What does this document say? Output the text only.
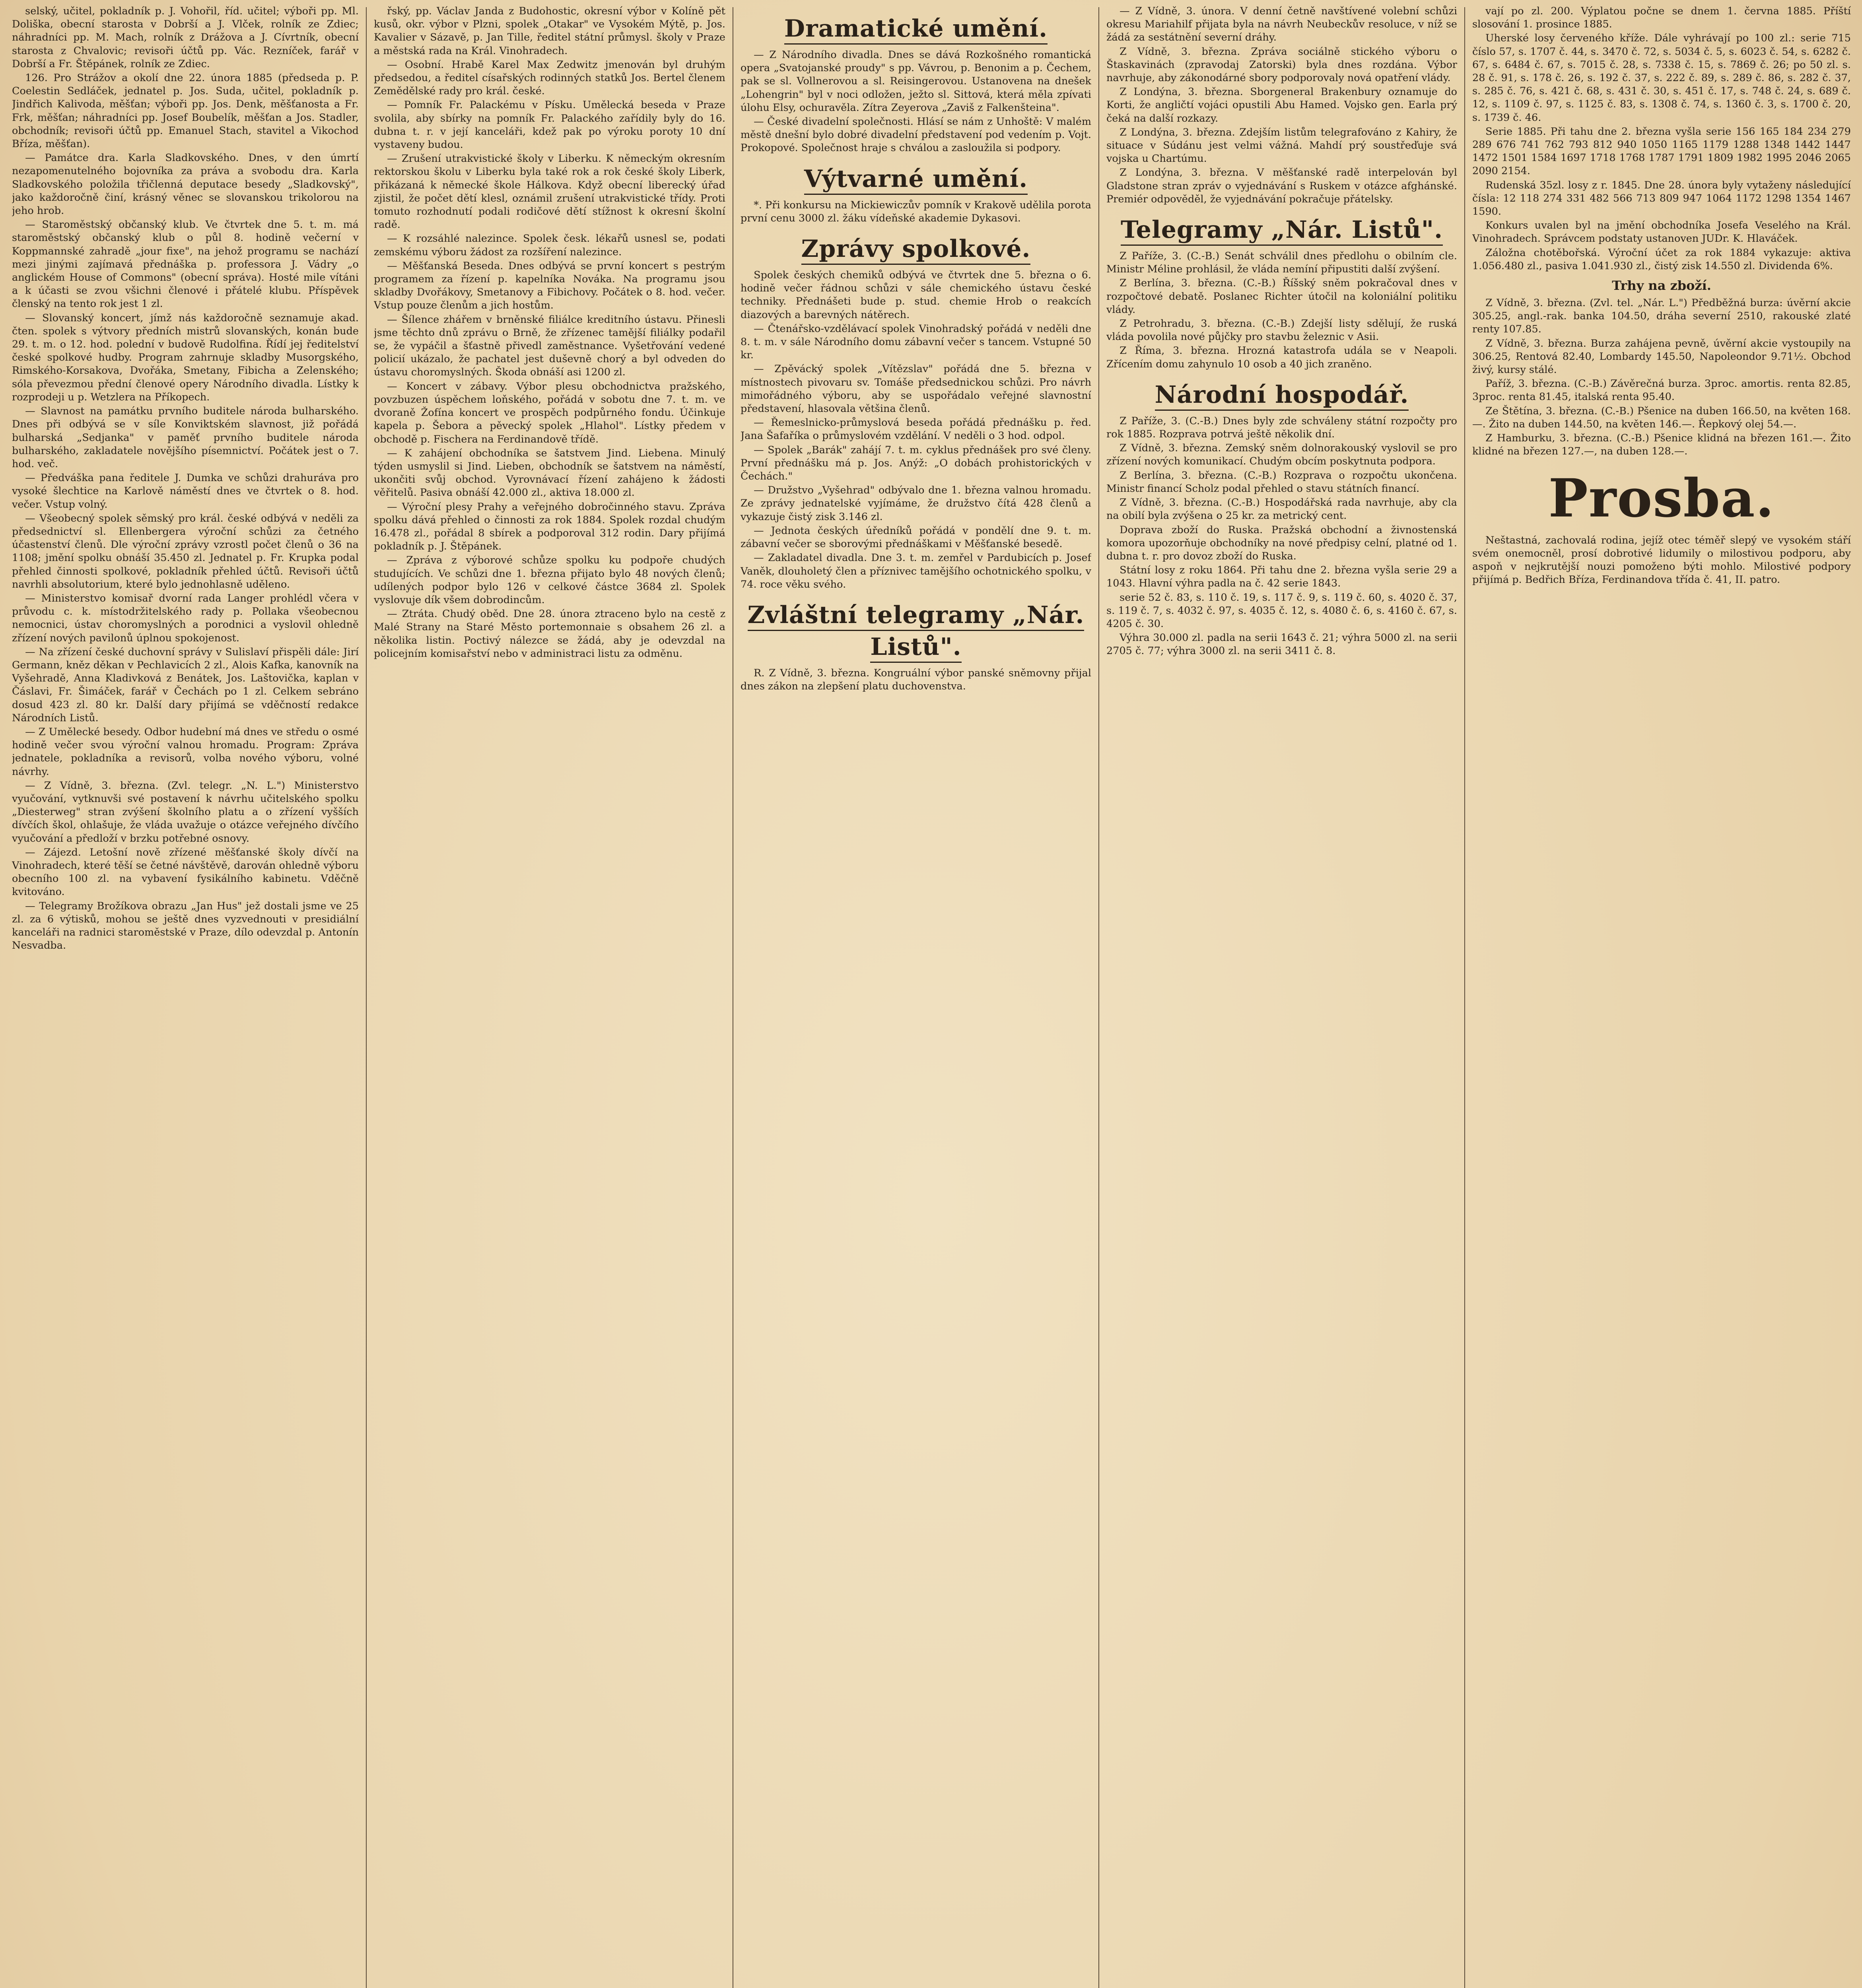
selský, učitel, pokladník p. J. Vohořil, říd. učitel; výboři pp. Ml. Doliška, obecní starosta v Dobrší a J. Vlček, rolník ze Zdiec; náhradníci pp. M. Mach, rolník z Drážova a J. Cívrtník, obecní starosta z Chvalovic; revisoři účtů pp. Vác. Rezníček, farář v Dobrší a Fr. Štěpánek, rolník ze Zdiec.

126. Pro Strážov a okolí dne 22. února 1885 (předseda p. P. Coelestin Sedláček, jednatel p. Jos. Suda, učitel, pokladník p. Jindřich Kalivoda, měšťan; výboři pp. Jos. Denk, měšťanosta a Fr. Frk, měšťan; náhradníci pp. Josef Boubelík, měšťan a Jos. Stadler, obchodník; revisoři účtů pp. Emanuel Stach, stavitel a Vikochod Bříza, měšťan).

— Památce dra. Karla Sladkovského. Dnes, v den úmrtí nezapomenutelného bojovníka za práva a svobodu dra. Karla Sladkovského položila třičlenná deputace besedy „Sladkovský", jako každoročně činí, krásný věnec se slovanskou trikolorou na jeho hrob.

— Staroměstský občanský klub. Ve čtvrtek dne 5. t. m. má staroměstský občanský klub o půl 8. hodině večerní v Koppmannské zahradě „jour fixe", na jehož programu se nachází mezi jinými zajímavá přednáška p. professora J. Vádry „o anglickém House of Commons" (obecní správa). Hosté mile vítáni a k účasti se zvou všichni členové i přátelé klubu. Příspěvek členský na tento rok jest 1 zl.

— Slovanský koncert, jímž nás každoročně seznamuje akad. čten. spolek s výtvory předních mistrů slovanských, konán bude 29. t. m. o 12. hod. polední v budově Rudolfina. Řídí jej ředitelství české spolkové hudby. Program zahrnuje skladby Musorgského, Rimského-Korsakova, Dvořáka, Smetany, Fibicha a Zelenského; sóla převezmou přední členové opery Národního divadla. Lístky k rozprodeji u p. Wetzlera na Příkopech.

— Slavnost na památku prvního buditele národa bulharského. Dnes při odbývá se v síle Konviktském slavnost, již pořádá bulharská „Sedjanka" v paměť prvního buditele národa bulharského, zakladatele novějšího písemnictví. Počátek jest o 7. hod. več.

— Předváška pana ředitele J. Dumka ve schůzi drahuráva pro vysoké šlechtice na Karlově náměstí dnes ve čtvrtek o 8. hod. večer. Vstup volný.

— Všeobecný spolek sěmský pro král. české odbývá v neděli za předsednictví sl. Ellenbergera výroční schůzi za četného účastenství členů. Dle výroční zprávy vzrostl počet členů o 36 na 1108; jmění spolku obnáší 35.450 zl. Jednatel p. Fr. Krupka podal přehled činnosti spolkové, pokladník přehled účtů. Revisoři účtů navrhli absolutorium, které bylo jednohlasně uděleno.

— Ministerstvo komisař dvorní rada Langer prohlédl včera v průvodu c. k. místodržitelského rady p. Pollaka všeobecnou nemocnici, ústav choromyslných a porodnici a vyslovil ohledně zřízení nových pavilonů úplnou spokojenost.

— Na zřízení české duchovní správy v Sulislaví přispěli dále: Jirí Germann, kněz děkan v Pechlavicích 2 zl., Alois Kafka, kanovník na Vyšehradě, Anna Kladivková z Benátek, Jos. Laštovička, kaplan v Čáslavi, Fr. Šimáček, farář v Čechách po 1 zl. Celkem sebráno dosud 423 zl. 80 kr. Další dary přijímá se vděčností redakce Národních Listů.

— Z Umělecké besedy. Odbor hudební má dnes ve středu o osmé hodině večer svou výroční valnou hromadu. Program: Zpráva jednatele, pokladníka a revisorů, volba nového výboru, volné návrhy.

— Z Vídně, 3. března. (Zvl. telegr. „N. L.") Ministerstvo vyučování, vytknuvši své postavení k návrhu učitelského spolku „Diesterweg" stran zvýšení školního platu a o zřízení vyšších dívčích škol, ohlašuje, že vláda uvažuje o otázce veřejného dívčího vyučování a předloží v brzku potřebné osnovy.

— Zájezd. Letošní nově zřízené měšťanské školy dívčí na Vinohradech, které těší se četné návštěvě, darován ohledně výboru obecního 100 zl. na vybavení fysikálního kabinetu. Vděčně kvitováno.

— Telegramy Brožíkova obrazu „Jan Hus" jež dostali jsme ve 25 zl. za 6 výtisků, mohou se ještě dnes vyzvednouti v presidiální kanceláři na radnici staroměstské v Praze, dílo odevzdal p. Antonín Nesvadba.

řský, pp. Václav Janda z Budohostic, okresní výbor v Kolíně pět kusů, okr. výbor v Plzni, spolek „Otakar" ve Vysokém Mýtě, p. Jos. Kavalier v Sázavě, p. Jan Tille, ředitel státní průmysl. školy v Praze a městská rada na Král. Vinohradech.

— Osobní. Hrabě Karel Max Zedwitz jmenován byl druhým předsedou, a ředitel císařských rodinných statků Jos. Bertel členem Zemědělské rady pro král. české.

— Pomník Fr. Palackému v Písku. Umělecká beseda v Praze svolila, aby sbírky na pomník Fr. Palackého zařídily byly do 16. dubna t. r. v její kanceláři, kdež pak po výroku poroty 10 dní vystaveny budou.

— Zrušení utrakvistické školy v Liberku. K německým okresním rektorskou školu v Liberku byla také rok a rok české školy Liberk, přikázaná k německé škole Hálkova. Když obecní liberecký úřad zjistil, že počet dětí klesl, oznámil zrušení utrakvistické třídy. Proti tomuto rozhodnutí podali rodičové dětí stížnost k okresní školní radě.

— K rozsáhlé nalezince. Spolek česk. lékařů usnesl se, podati zemskému výboru žádost za rozšíření nalezince.

— Měšťanská Beseda. Dnes odbývá se první koncert s pestrým programem za řízení p. kapelníka Nováka. Na programu jsou skladby Dvořákovy, Smetanovy a Fibichovy. Počátek o 8. hod. večer. Vstup pouze členům a jich hostům.

— Šílence zhářem v brněnské filiálce kreditního ústavu. Přinesli jsme těchto dnů zprávu o Brně, že zřízenec tamější filiálky podařil se, že vypáčil a šťastně přivedl zaměstnance. Vyšetřování vedené policií ukázalo, že pachatel jest duševně chorý a byl odveden do ústavu choromyslných. Škoda obnáší asi 1200 zl.

— Koncert v zábavy. Výbor plesu obchodnictva pražského, povzbuzen úspěchem loňského, pořádá v sobotu dne 7. t. m. ve dvoraně Žofína koncert ve prospěch podpůrného fondu. Účinkuje kapela p. Šebora a pěvecký spolek „Hlahol". Lístky předem v obchodě p. Fischera na Ferdinandově třídě.

— K zahájení obchodníka se šatstvem Jind. Liebena. Minulý týden usmyslil si Jind. Lieben, obchodník se šatstvem na náměstí, ukončiti svůj obchod. Vyrovnávací řízení zahájeno k žádosti věřitelů. Pasiva obnáší 42.000 zl., aktiva 18.000 zl.

— Výroční plesy Prahy a veřejného dobročinného stavu. Zpráva spolku dává přehled o činnosti za rok 1884. Spolek rozdal chudým 16.478 zl., pořádal 8 sbírek a podporoval 312 rodin. Dary přijímá pokladník p. J. Štěpánek.

— Zpráva z výborové schůze spolku ku podpoře chudých studujících. Ve schůzi dne 1. března přijato bylo 48 nových členů; udílených podpor bylo 126 v celkové částce 3684 zl. Spolek vyslovuje dík všem dobrodincům.

— Ztráta. Chudý oběd. Dne 28. února ztraceno bylo na cestě z Malé Strany na Staré Město portemonnaie s obsahem 26 zl. a několika listin. Poctivý nálezce se žádá, aby je odevzdal na policejním komisařství nebo v administraci listu za odměnu.

Dramatické umění.

— Z Národního divadla. Dnes se dává Rozkošného romantická opera „Svatojanské proudy" s pp. Vávrou, p. Benonim a p. Čechem, pak se sl. Vollnerovou a sl. Reisingerovou. Ustanovena na dnešek „Lohengrin" byl v noci odložen, ježto sl. Sittová, která měla zpívati úlohu Elsy, ochuravěla. Zítra Zeyerova „Zaviš z Falkenšteina".

— České divadelní společnosti. Hlásí se nám z Unhoště: V malém městě dnešní bylo dobré divadelní představení pod vedením p. Vojt. Prokopové. Společnost hraje s chválou a zasloužila si podpory.

Výtvarné umění.

*. Při konkursu na Mickiewiczův pomník v Krakově udělila porota první cenu 3000 zl. žáku vídeňské akademie Dykasovi.

Zprávy spolkové.

Spolek českých chemiků odbývá ve čtvrtek dne 5. března o 6. hodině večer řádnou schůzi v sále chemického ústavu české techniky. Přednášeti bude p. stud. chemie Hrob o reakcích diazových a barevných nátěrech.

— Čtenářsko-vzdělávací spolek Vinohradský pořádá v neděli dne 8. t. m. v sále Národního domu zábavní večer s tancem. Vstupné 50 kr.

— Zpěvácký spolek „Vítězslav" pořádá dne 5. března v místnostech pivovaru sv. Tomáše předsednickou schůzi. Pro návrh mimořádného výboru, aby se uspořádalo veřejné slavnostní představení, hlasovala většina členů.

— Řemeslnicko-průmyslová beseda pořádá přednášku p. řed. Jana Šafaříka o průmyslovém vzdělání. V neděli o 3 hod. odpol.

— Spolek „Barák" zahájí 7. t. m. cyklus přednášek pro své členy. První přednášku má p. Jos. Anýž: „O dobách prohistorických v Čechách."

— Družstvo „Vyšehrad" odbývalo dne 1. března valnou hromadu. Ze zprávy jednatelské vyjímáme, že družstvo čítá 428 členů a vykazuje čistý zisk 3.146 zl.

— Jednota českých úředníků pořádá v pondělí dne 9. t. m. zábavní večer se sborovými přednáškami v Měšťanské besedě.

— Zakladatel divadla. Dne 3. t. m. zemřel v Pardubicích p. Josef Vaněk, dlouholetý člen a příznivec tamějšího ochotnického spolku, v 74. roce věku svého.

Zvláštní telegramy „Nár. Listů".

R. Z Vídně, 3. března. Kongruální výbor panské sněmovny přijal dnes zákon na zlepšení platu duchovenstva.

— Z Vídně, 3. února. V denní četně navštívené volební schůzi okresu Mariahilf přijata byla na návrh Neubeckův resoluce, v níž se žádá za sestátnění severní dráhy.

Z Vídně, 3. března. Zpráva sociálně stického výboru o Štaskavinách (zpravodaj Zatorski) byla dnes rozdána. Výbor navrhuje, aby zákonodárné sbory podporovaly nová opatření vlády.

Z Londýna, 3. března. Sborgeneral Brakenbury oznamuje do Korti, že angličtí vojáci opustili Abu Hamed. Vojsko gen. Earla prý čeká na další rozkazy.

Z Londýna, 3. března. Zdejším listům telegrafováno z Kahiry, že situace v Súdánu jest velmi vážná. Mahdí prý soustřeďuje svá vojska u Chartúmu.

Z Londýna, 3. března. V měšťanské radě interpelován byl Gladstone stran zpráv o vyjednávání s Ruskem v otázce afghánské. Premiér odpověděl, že vyjednávání pokračuje přátelsky.

Telegramy „Nár. Listů".

Z Paříže, 3. (C.-B.) Senát schválil dnes předlohu o obilním cle. Ministr Méline prohlásil, že vláda nemíní připustiti další zvýšení.

Z Berlína, 3. března. (C.-B.) Říšský sněm pokračoval dnes v rozpočtové debatě. Poslanec Richter útočil na koloniální politiku vlády.

Z Petrohradu, 3. března. (C.-B.) Zdejší listy sdělují, že ruská vláda povolila nové půjčky pro stavbu železnic v Asii.

Z Říma, 3. března. Hrozná katastrofa udála se v Neapoli. Zřícením domu zahynulo 10 osob a 40 jich zraněno.

Národní hospodář.

Z Paříže, 3. (C.-B.) Dnes byly zde schváleny státní rozpočty pro rok 1885. Rozprava potrvá ještě několik dní.

Z Vídně, 3. března. Zemský sněm dolnorakouský vyslovil se pro zřízení nových komunikací. Chudým obcím poskytnuta podpora.

Z Berlína, 3. března. (C.-B.) Rozprava o rozpočtu ukončena. Ministr financí Scholz podal přehled o stavu státních financí.

Z Vídně, 3. března. (C.-B.) Hospodářská rada navrhuje, aby cla na obilí byla zvýšena o 25 kr. za metrický cent.

Doprava zboží do Ruska. Pražská obchodní a živnostenská komora upozorňuje obchodníky na nové předpisy celní, platné od 1. dubna t. r. pro dovoz zboží do Ruska.

Státní losy z roku 1864. Při tahu dne 2. března vyšla serie 29 a 1043. Hlavní výhra padla na č. 42 serie 1843.

serie 52 č. 83, s. 110 č. 19, s. 117 č. 9, s. 119 č. 60, s. 4020 č. 37, s. 119 č. 7, s. 4032 č. 97, s. 4035 č. 12, s. 4080 č. 6, s. 4160 č. 67, s. 4205 č. 30.

Výhra 30.000 zl. padla na serii 1643 č. 21; výhra 5000 zl. na serii 2705 č. 77; výhra 3000 zl. na serii 3411 č. 8.

vají po zl. 200. Výplatou počne se dnem 1. června 1885. Příští slosování 1. prosince 1885.

Uherské losy červeného kříže. Dále vyhrávají po 100 zl.: serie 715 číslo 57, s. 1707 č. 44, s. 3470 č. 72, s. 5034 č. 5, s. 6023 č. 54, s. 6282 č. 67, s. 6484 č. 67, s. 7015 č. 28, s. 7338 č. 15, s. 7869 č. 26; po 50 zl. s. 28 č. 91, s. 178 č. 26, s. 192 č. 37, s. 222 č. 89, s. 289 č. 86, s. 282 č. 37, s. 285 č. 76, s. 421 č. 68, s. 431 č. 30, s. 451 č. 17, s. 748 č. 24, s. 689 č. 12, s. 1109 č. 97, s. 1125 č. 83, s. 1308 č. 74, s. 1360 č. 3, s. 1700 č. 20, s. 1739 č. 46.

Serie 1885. Při tahu dne 2. března vyšla serie 156 165 184 234 279 289 676 741 762 793 812 940 1050 1165 1179 1288 1348 1442 1447 1472 1501 1584 1697 1718 1768 1787 1791 1809 1982 1995 2046 2065 2090 2154.

Rudenská 35zl. losy z r. 1845. Dne 28. února byly vytaženy následující čísla: 12 118 274 331 482 566 713 809 947 1064 1172 1298 1354 1467 1590.

Konkurs uvalen byl na jmění obchodníka Josefa Veselého na Král. Vinohradech. Správcem podstaty ustanoven JUDr. K. Hlaváček.

Záložna chotěbořská. Výroční účet za rok 1884 vykazuje: aktiva 1.056.480 zl., pasiva 1.041.930 zl., čistý zisk 14.550 zl. Dividenda 6%.

Trhy na zboží.

Z Vídně, 3. března. (Zvl. tel. „Nár. L.") Předběžná burza: úvěrní akcie 305.25, angl.-rak. banka 104.50, dráha severní 2510, rakouské zlaté renty 107.85.

Z Vídně, 3. března. Burza zahájena pevně, úvěrní akcie vystoupily na 306.25, Rentová 82.40, Lombardy 145.50, Napoleondor 9.71½. Obchod živý, kursy stálé.

Paříž, 3. března. (C.-B.) Závěrečná burza. 3proc. amortis. renta 82.85, 3proc. renta 81.45, italská renta 95.40.

Ze Štětína, 3. března. (C.-B.) Pšenice na duben 166.50, na květen 168.—. Žito na duben 144.50, na květen 146.—. Řepkový olej 54.—.

Z Hamburku, 3. března. (C.-B.) Pšenice klidná na březen 161.—. Žito klidné na březen 127.—, na duben 128.—.

Prosba.

Neštastná, zachovalá rodina, jejíž otec téměř slepý ve vysokém stáří svém onemocněl, prosí dobrotivé lidumily o milostivou podporu, aby aspoň v nejkrutější nouzi pomoženo býti mohlo. Milostivé podpory přijímá p. Bedřich Bříza, Ferdinandova třída č. 41, II. patro.
